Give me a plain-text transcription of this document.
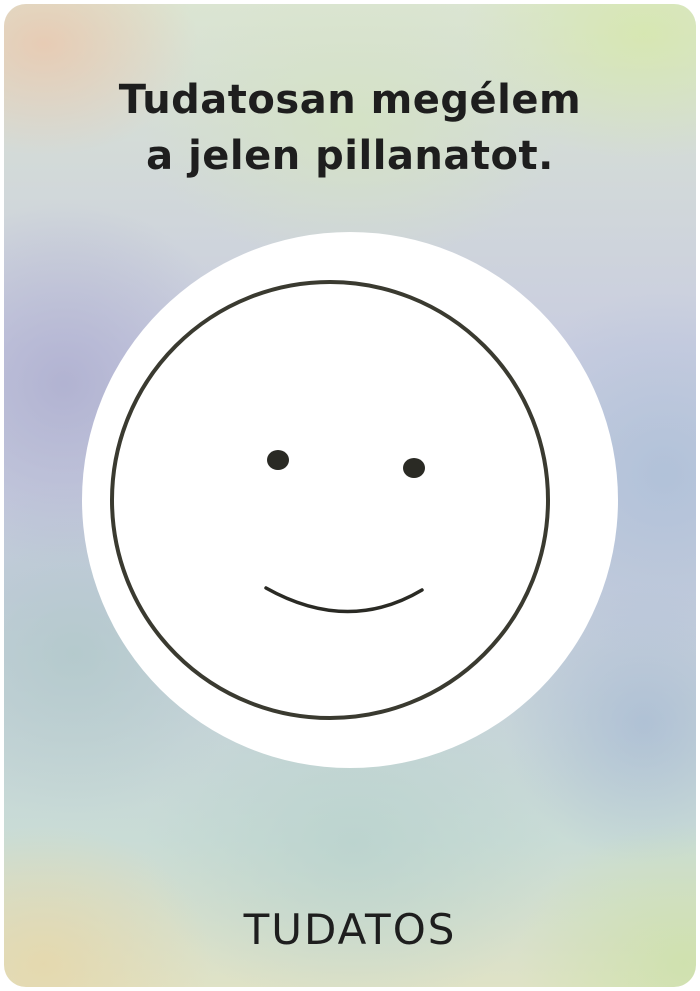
Tudatosan megélem
a jelen pillanatot.

TUDATOS
